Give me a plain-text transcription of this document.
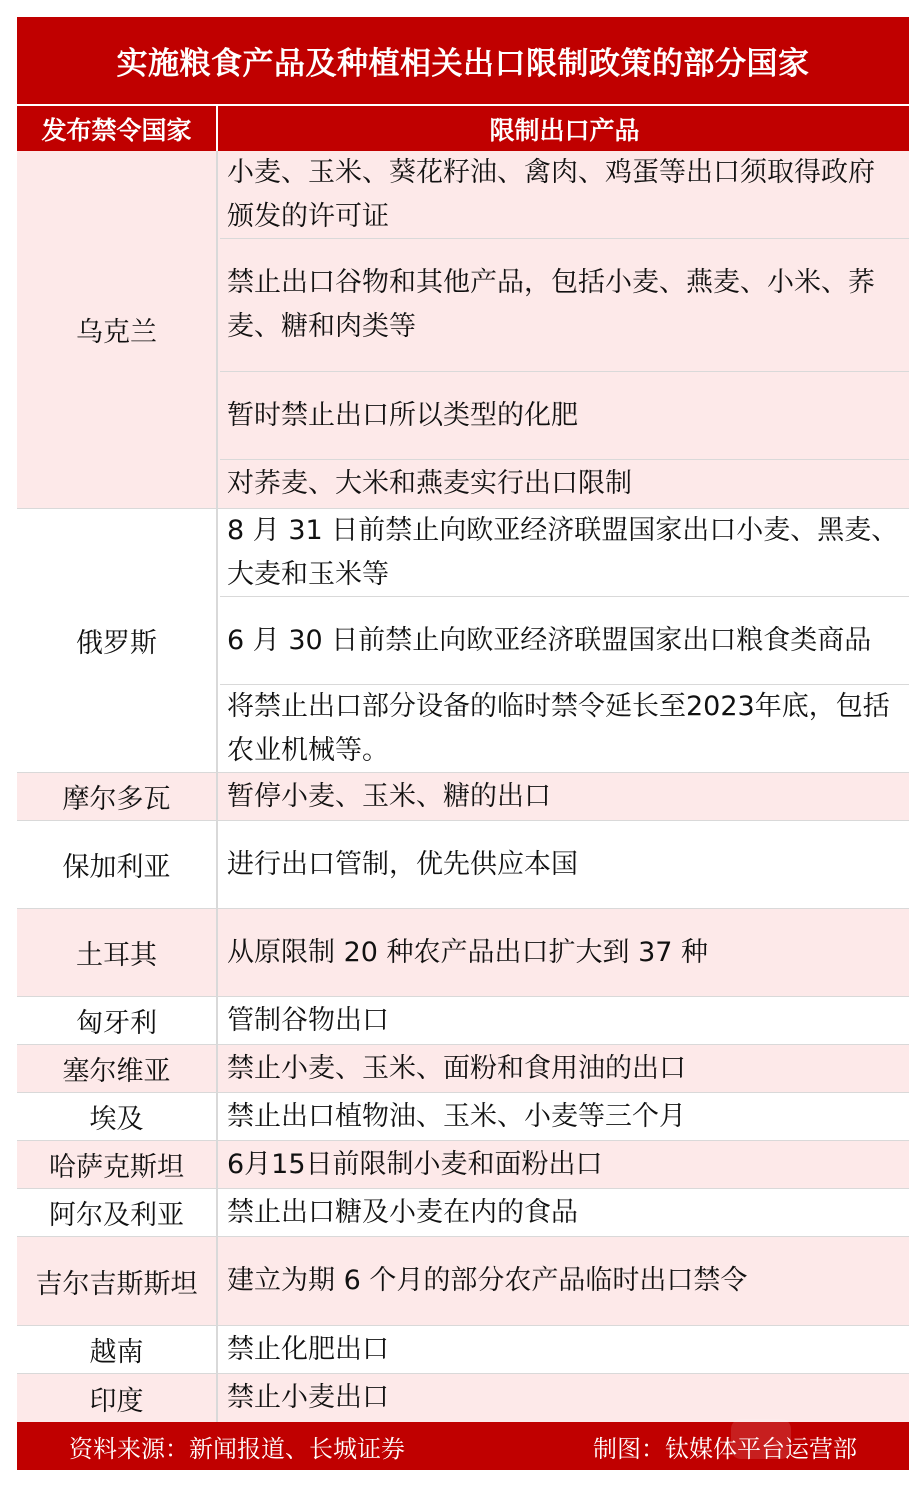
实施粮食产品及种植相关出口限制政策的部分国家
发布禁令国家	限制出口产品
乌克兰
小麦、玉米、葵花籽油、禽肉、鸡蛋等出口须取得政府颁发的许可证
禁止出口谷物和其他产品，包括小麦、燕麦、小米、荞麦、糖和肉类等
暂时禁止出口所以类型的化肥
对荞麦、大米和燕麦实行出口限制
俄罗斯
8 月 31 日前禁止向欧亚经济联盟国家出口小麦、黑麦、大麦和玉米等
6 月 30 日前禁止向欧亚经济联盟国家出口粮食类商品
将禁止出口部分设备的临时禁令延长至2023年底，包括农业机械等。
摩尔多瓦	暂停小麦、玉米、糖的出口
保加利亚	进行出口管制，优先供应本国
土耳其	从原限制 20 种农产品出口扩大到 37 种
匈牙利	管制谷物出口
塞尔维亚	禁止小麦、玉米、面粉和食用油的出口
埃及	禁止出口植物油、玉米、小麦等三个月
哈萨克斯坦	6月15日前限制小麦和面粉出口
阿尔及利亚	禁止出口糖及小麦在内的食品
吉尔吉斯斯坦	建立为期 6 个月的部分农产品临时出口禁令
越南	禁止化肥出口
印度	禁止小麦出口
资料来源：新闻报道、长城证券	制图：钛媒体平台运营部
